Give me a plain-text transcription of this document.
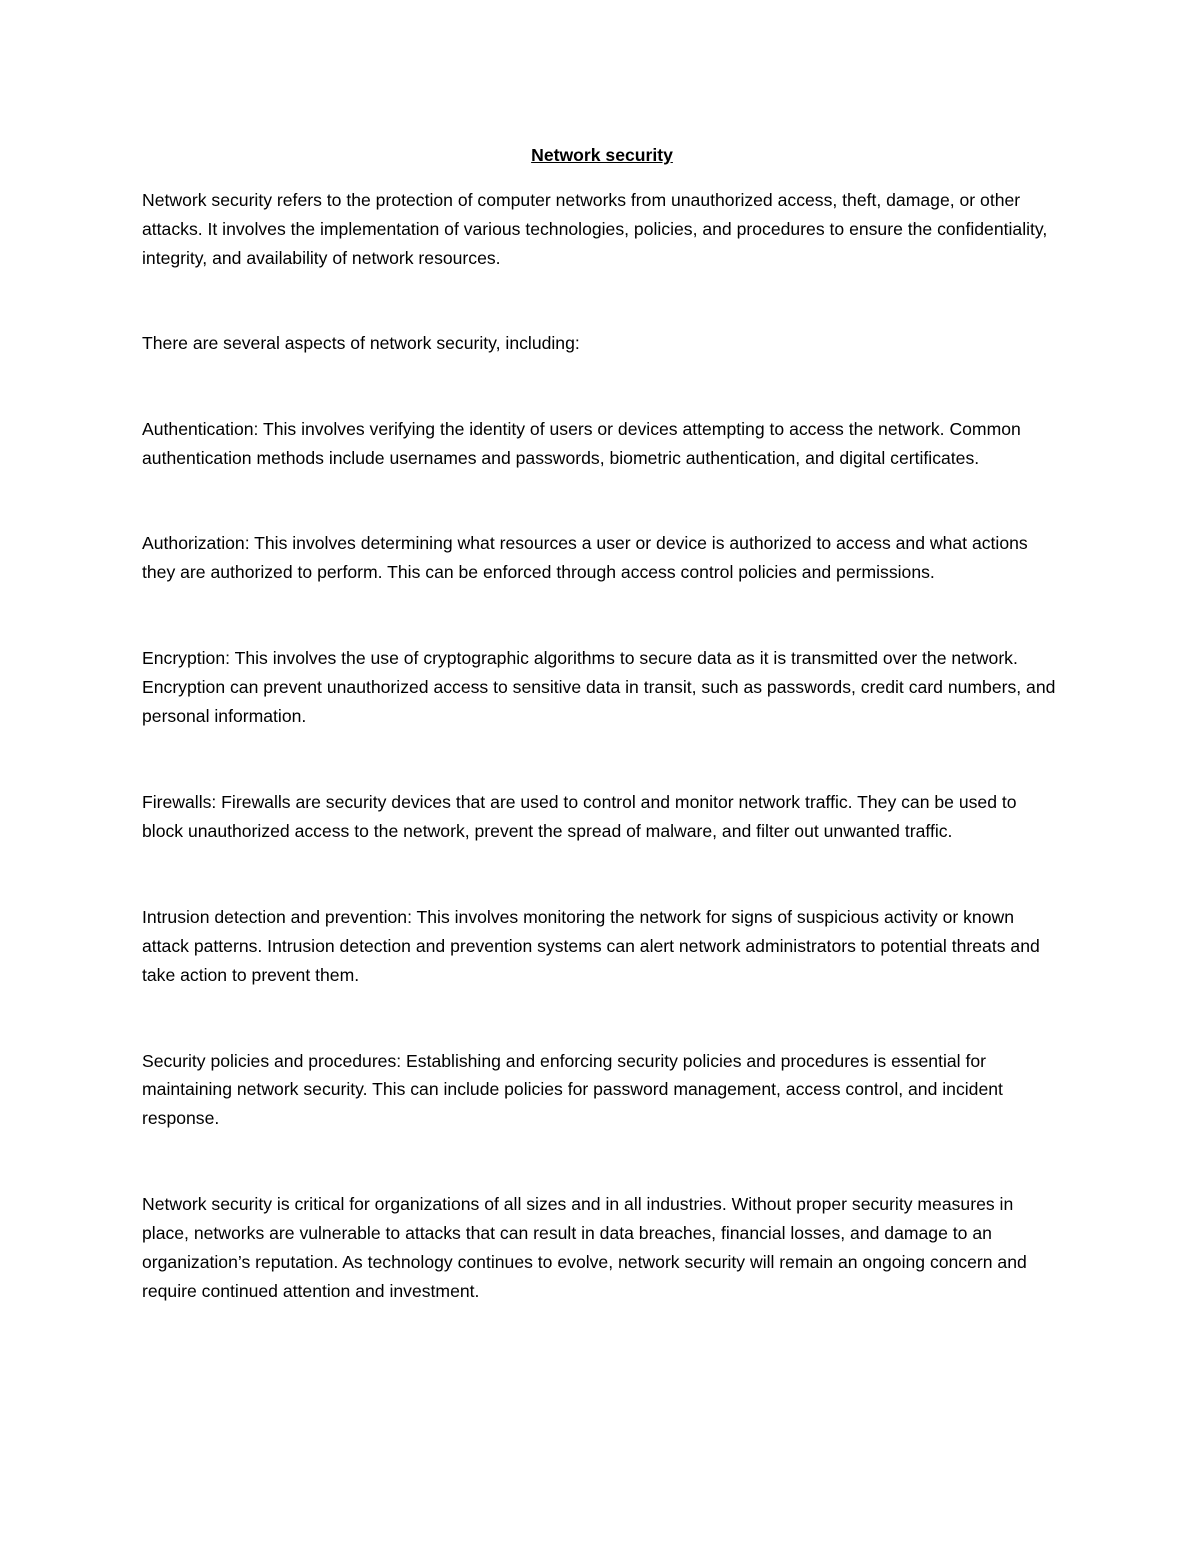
Network security

Network security refers to the protection of computer networks from unauthorized access, theft, damage, or other attacks. It involves the implementation of various technologies, policies, and procedures to ensure the confidentiality, integrity, and availability of network resources.

There are several aspects of network security, including:

Authentication: This involves verifying the identity of users or devices attempting to access the network. Common authentication methods include usernames and passwords, biometric authentication, and digital certificates.

Authorization: This involves determining what resources a user or device is authorized to access and what actions they are authorized to perform. This can be enforced through access control policies and permissions.

Encryption: This involves the use of cryptographic algorithms to secure data as it is transmitted over the network. Encryption can prevent unauthorized access to sensitive data in transit, such as passwords, credit card numbers, and personal information.

Firewalls: Firewalls are security devices that are used to control and monitor network traffic. They can be used to block unauthorized access to the network, prevent the spread of malware, and filter out unwanted traffic.

Intrusion detection and prevention: This involves monitoring the network for signs of suspicious activity or known attack patterns. Intrusion detection and prevention systems can alert network administrators to potential threats and take action to prevent them.

Security policies and procedures: Establishing and enforcing security policies and procedures is essential for maintaining network security. This can include policies for password management, access control, and incident response.

Network security is critical for organizations of all sizes and in all industries. Without proper security measures in place, networks are vulnerable to attacks that can result in data breaches, financial losses, and damage to an organization’s reputation. As technology continues to evolve, network security will remain an ongoing concern and require continued attention and investment.
